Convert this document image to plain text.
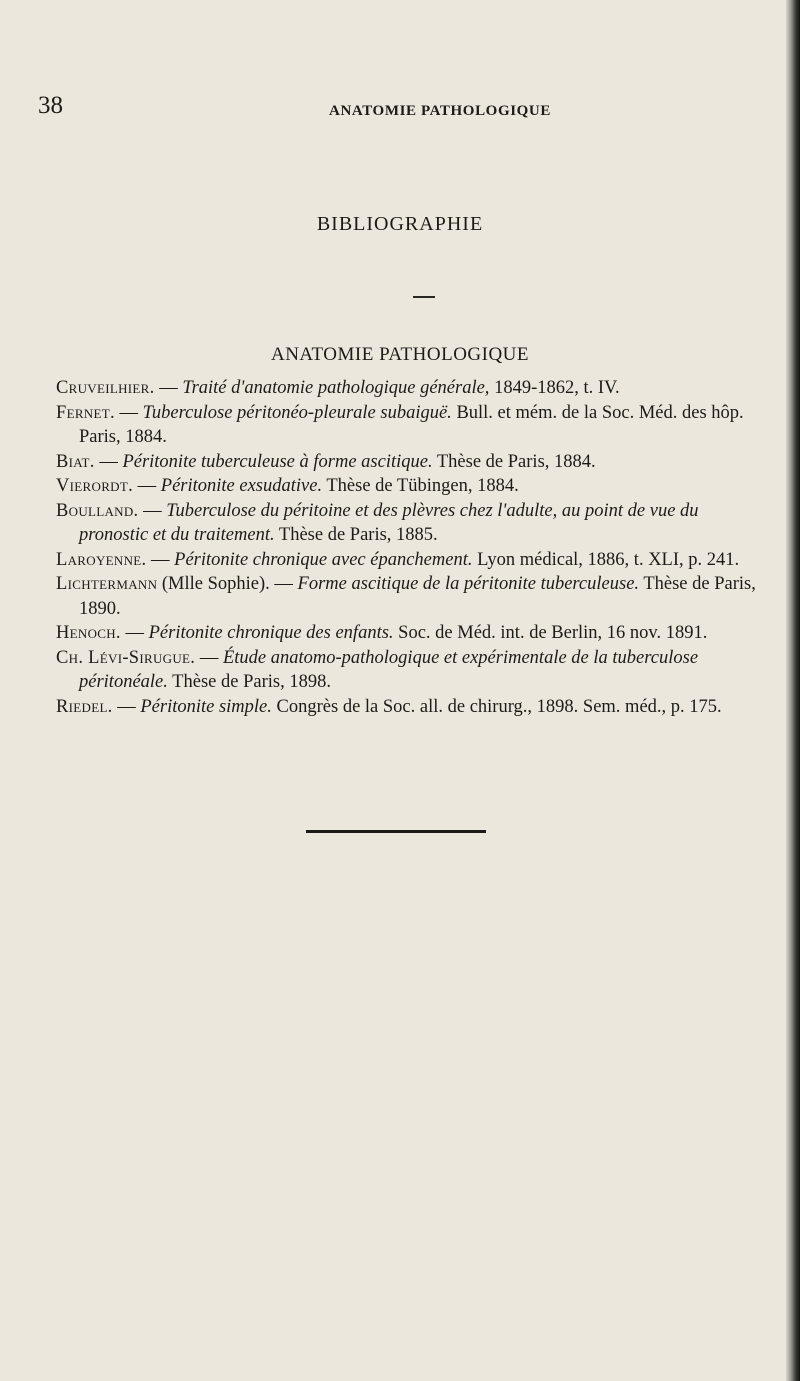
38	ANATOMIE PATHOLOGIQUE
BIBLIOGRAPHIE
ANATOMIE PATHOLOGIQUE

Cruveilhier. — Traité d'anatomie pathologique générale, 1849-1862, t. IV.

Fernet. — Tuberculose péritonéo-pleurale subaiguë. Bull. et mém. de la Soc. Méd. des hôp. Paris, 1884.

Biat. — Péritonite tuberculeuse à forme ascitique. Thèse de Paris, 1884.

Vierordt. — Péritonite exsudative. Thèse de Tübingen, 1884.

Boulland. — Tuberculose du péritoine et des plèvres chez l'adulte, au point de vue du pronostic et du traitement. Thèse de Paris, 1885.

Laroyenne. — Péritonite chronique avec épanchement. Lyon médical, 1886, t. XLI, p. 241.

Lichtermann (Mlle Sophie). — Forme ascitique de la péritonite tuberculeuse. Thèse de Paris, 1890.

Henoch. — Péritonite chronique des enfants. Soc. de Méd. int. de Berlin, 16 nov. 1891.

Ch. Lévi-Sirugue. — Étude anatomo-pathologique et expérimentale de la tuberculose péritonéale. Thèse de Paris, 1898.

Riedel. — Péritonite simple. Congrès de la Soc. all. de chirurg., 1898. Sem. méd., p. 175.
